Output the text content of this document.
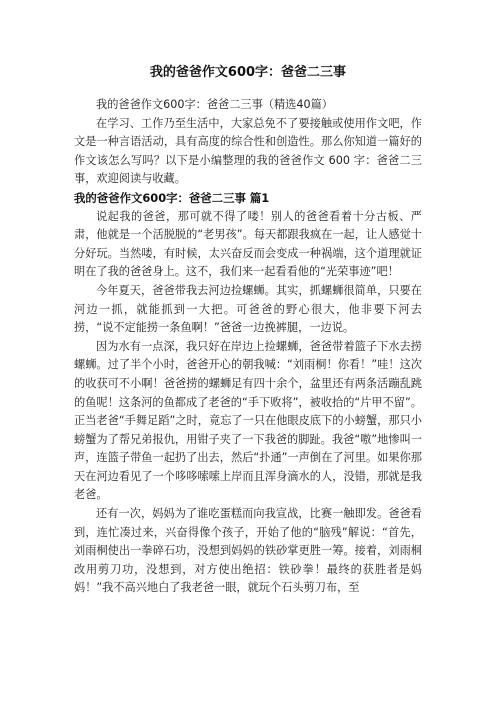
我的爸爸作文600字：爸爸二三事

我的爸爸作文600字：爸爸二三事（精选40篇）

在学习、工作乃至生活中，大家总免不了要接触或使用作文吧，作文是一种言语活动，具有高度的综合性和创造性。那么你知道一篇好的作文该怎么写吗？以下是小编整理的我的爸爸作文 600 字：爸爸二三事，欢迎阅读与收藏。

我的爸爸作文600字：爸爸二三事 篇1

说起我的爸爸，那可就不得了喽！别人的爸爸看着十分古板、严肃，他就是一个活脱脱的“老男孩”。每天都跟我疯在一起，让人感觉十分好玩。当然喽，有时候，太兴奋反而会变成一种祸端，这个道理就证明在了我的爸爸身上。这不，我们来一起看看他的“光荣事迹”吧！

今年夏天，爸爸带我去河边捡螺蛳。其实，抓螺蛳很简单，只要在河边一抓，就能抓到一大把。可爸爸的野心很大，他非要下河去捞，“说不定能捞一条鱼啊！”爸爸一边挽裤腿，一边说。

因为水有一点深，我只好在岸边上捡螺蛳，爸爸带着篮子下水去捞螺蛳。过了半个小时，爸爸开心的朝我喊：“刘雨桐！你看！”哇！这次的收获可不小啊！爸爸捞的螺蛳足有四十余个，盆里还有两条活蹦乱跳的鱼呢！这条河的鱼都成了老爸的“手下败将”，被收拾的“片甲不留”。正当老爸“手舞足蹈”之时，竟忘了一只在他眼皮底下的小螃蟹，那只小螃蟹为了帮兄弟报仇，用钳子夹了一下我爸的脚趾。我爸“嗷”地惨叫一声，连篮子带鱼一起扔了出去，然后“扑通”一声倒在了河里。如果你那天在河边看见了一个哆哆嗦嗦上岸而且浑身滴水的人，没错，那就是我老爸。

还有一次，妈妈为了谁吃蛋糕而向我宣战，比赛一触即发。爸爸看到，连忙凑过来，兴奋得像个孩子，开始了他的“脑残”解说：“首先，刘雨桐使出一拳碎石功，没想到妈妈的铁砂掌更胜一筹。接着，刘雨桐改用剪刀功，没想到，对方使出绝招：铁砂拳！最终的获胜者是妈妈！”我不高兴地白了我老爸一眼，就玩个石头剪刀布，至
